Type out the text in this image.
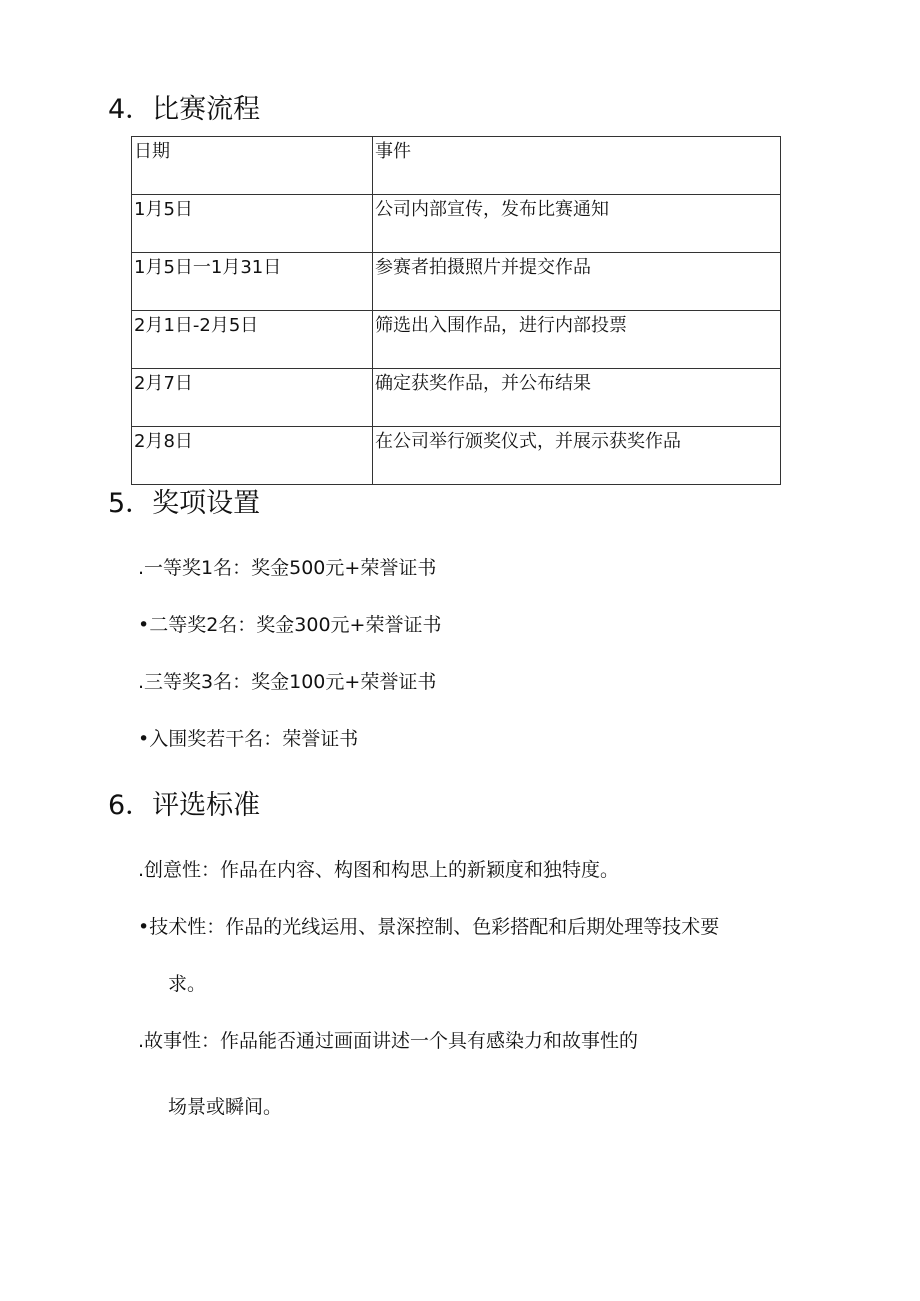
4．比赛流程
日期	事件
1月5日	公司内部宣传，发布比赛通知
1月5日一1月31日	参赛者拍摄照片并提交作品
2月1日-2月5日	筛选出入围作品，进行内部投票
2月7日	确定获奖作品，并公布结果
2月8日	在公司举行颁奖仪式，并展示获奖作品
5．奖项设置

.一等奖1名：奖金500元+荣誉证书

•二等奖2名：奖金300元+荣誉证书

.三等奖3名：奖金100元+荣誉证书

•入围奖若干名：荣誉证书

6．评选标准

.创意性：作品在内容、构图和构思上的新颖度和独特度。

•技术性：作品的光线运用、景深控制、色彩搭配和后期处理等技术要

求。

.故事性：作品能否通过画面讲述一个具有感染力和故事性的

场景或瞬间。
